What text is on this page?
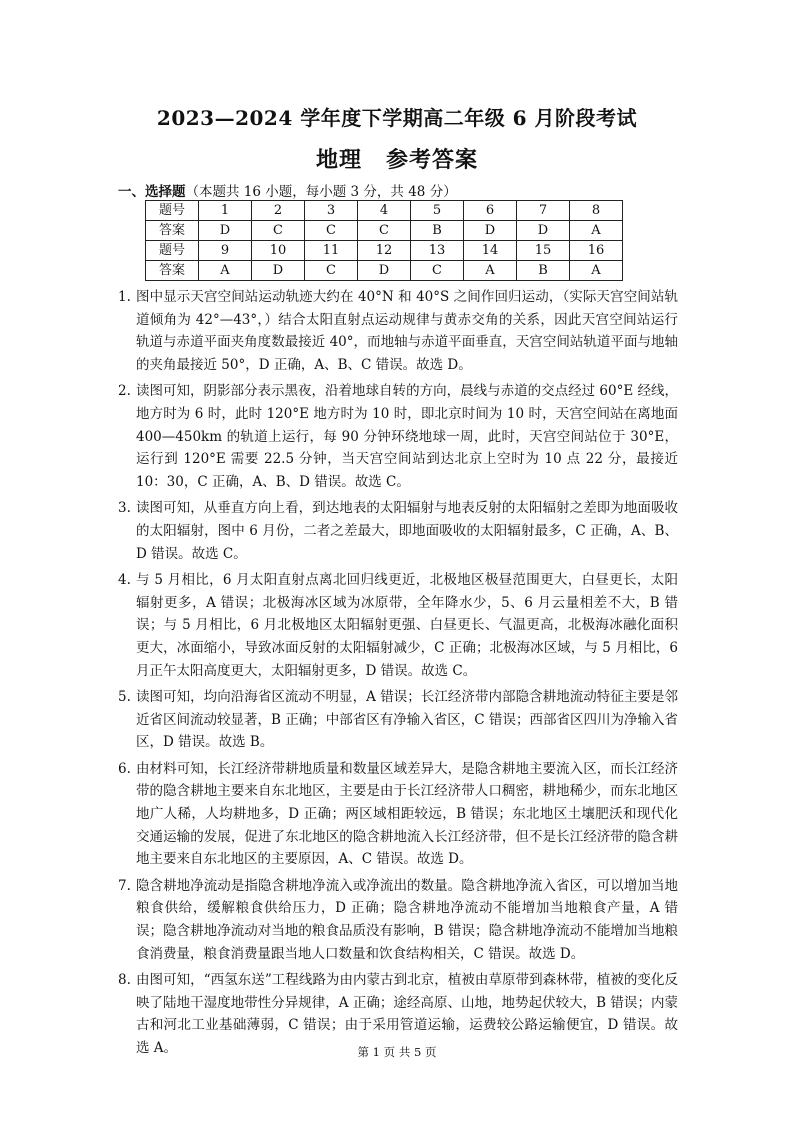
2023—2024 学年度下学期高二年级 6 月阶段考试
地理 参考答案
一、选择题（本题共 16 小题，每小题 3 分，共 48 分）
题号	1	2	3	4	5	6	7	8
答案	D	C	C	C	B	D	D	A
题号	9	10	11	12	13	14	15	16
答案	A	D	C	D	C	A	B	A
1. 图中显示天宫空间站运动轨迹大约在 40°N 和 40°S 之间作回归运动，（实际天宫空间站轨道倾角为 42°—43°，）结合太阳直射点运动规律与黄赤交角的关系，因此天宫空间站运行轨道与赤道平面夹角度数最接近 40°，而地轴与赤道平面垂直，天宫空间站轨道平面与地轴的夹角最接近 50°，D 正确，A、B、C 错误。故选 D。
2. 读图可知，阴影部分表示黑夜，沿着地球自转的方向，晨线与赤道的交点经过 60°E 经线，地方时为 6 时，此时 120°E 地方时为 10 时，即北京时间为 10 时，天宫空间站在离地面 400—450km 的轨道上运行，每 90 分钟环绕地球一周，此时，天宫空间站位于 30°E，运行到 120°E 需要 22.5 分钟，当天宫空间站到达北京上空时为 10 点 22 分，最接近 10：30，C 正确，A、B、D 错误。故选 C。
3. 读图可知，从垂直方向上看，到达地表的太阳辐射与地表反射的太阳辐射之差即为地面吸收的太阳辐射，图中 6 月份，二者之差最大，即地面吸收的太阳辐射最多，C 正确，A、B、D 错误。故选 C。
4. 与 5 月相比，6 月太阳直射点离北回归线更近，北极地区极昼范围更大，白昼更长，太阳辐射更多，A 错误；北极海冰区域为冰原带，全年降水少，5、6 月云量相差不大，B 错误；与 5 月相比，6 月北极地区太阳辐射更强、白昼更长、气温更高，北极海冰融化面积更大，冰面缩小，导致冰面反射的太阳辐射减少，C 正确；北极海冰区域，与 5 月相比，6 月正午太阳高度更大，太阳辐射更多，D 错误。故选 C。
5. 读图可知，均向沿海省区流动不明显，A 错误；长江经济带内部隐含耕地流动特征主要是邻近省区间流动较显著，B 正确；中部省区有净输入省区，C 错误；西部省区四川为净输入省区，D 错误。故选 B。
6. 由材料可知，长江经济带耕地质量和数量区域差异大，是隐含耕地主要流入区，而长江经济带的隐含耕地主要来自东北地区，主要是由于长江经济带人口稠密，耕地稀少，而东北地区地广人稀，人均耕地多，D 正确；两区域相距较远，B 错误；东北地区土壤肥沃和现代化交通运输的发展，促进了东北地区的隐含耕地流入长江经济带，但不是长江经济带的隐含耕地主要来自东北地区的主要原因，A、C 错误。故选 D。
7. 隐含耕地净流动是指隐含耕地净流入或净流出的数量。隐含耕地净流入省区，可以增加当地粮食供给，缓解粮食供给压力，D 正确；隐含耕地净流动不能增加当地粮食产量，A 错误；隐含耕地净流动对当地的粮食品质没有影响，B 错误；隐含耕地净流动不能增加当地粮食消费量，粮食消费量跟当地人口数量和饮食结构相关，C 错误。故选 D。
8. 由图可知，“西氢东送”工程线路为由内蒙古到北京，植被由草原带到森林带，植被的变化反映了陆地干湿度地带性分异规律，A 正确；途经高原、山地，地势起伏较大，B 错误；内蒙古和河北工业基础薄弱，C 错误；由于采用管道运输，运费较公路运输便宜，D 错误。故选 A。	第 1 页 共 5 页
